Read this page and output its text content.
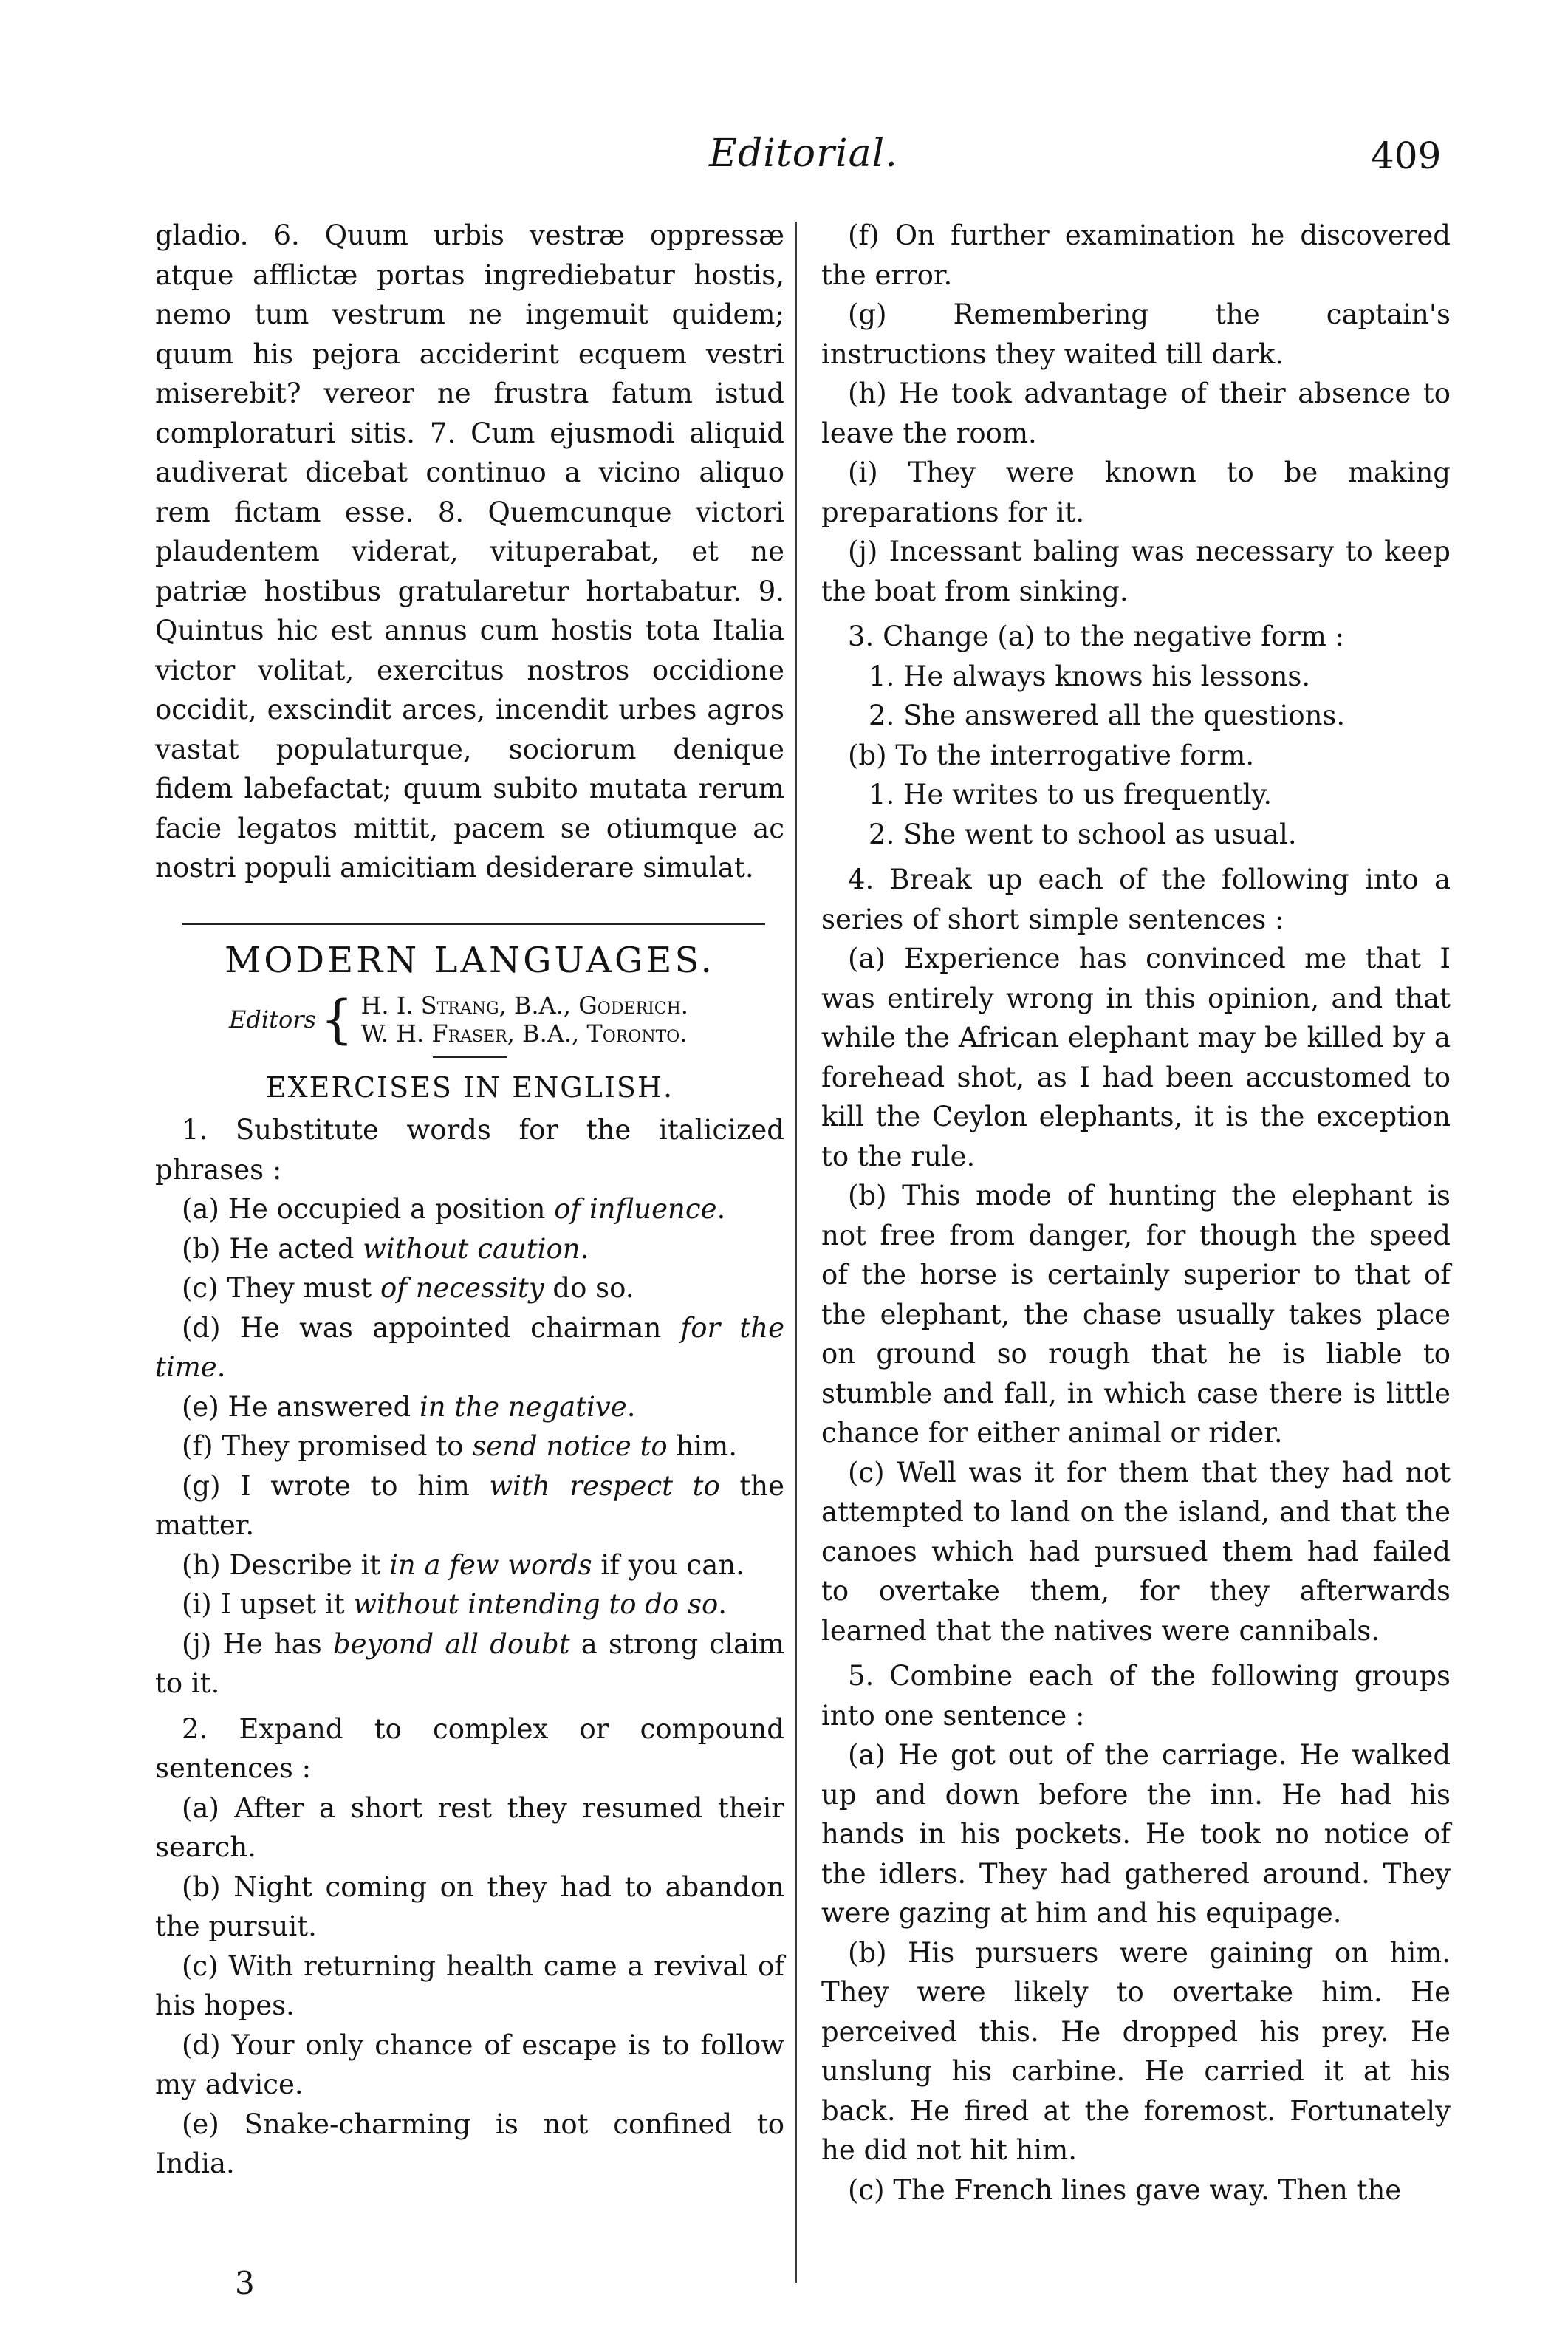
Editorial.	409

gladio. 6. Quum urbis vestræ oppressæ atque afflictæ portas ingrediebatur hostis, nemo tum vestrum ne ingemuit quidem; quum his pejora acciderint ecquem vestri miserebit? vereor ne frustra fatum istud comploraturi sitis. 7. Cum ejusmodi aliquid audiverat dicebat continuo a vicino aliquo rem fictam esse. 8. Quemcunque victori plaudentem viderat, vituperabat, et ne patriæ hostibus gratularetur hortabatur. 9. Quintus hic est annus cum hostis tota Italia victor volitat, exercitus nostros occidione occidit, exscindit arces, incendit urbes agros vastat populaturque, sociorum denique fidem labefactat; quum subito mutata rerum facie legatos mittit, pacem se otiumque ac nostri populi amicitiam desiderare simulat.

MODERN LANGUAGES.
Editors { H. I. Strang, B.A., Goderich.
W. H. Fraser, B.A., Toronto.
EXERCISES IN ENGLISH.

1. Substitute words for the italicized phrases :

(a) He occupied a position of influence.

(b) He acted without caution.

(c) They must of necessity do so.

(d) He was appointed chairman for the time.

(e) He answered in the negative.

(f) They promised to send notice to him.

(g) I wrote to him with respect to the matter.

(h) Describe it in a few words if you can.

(i) I upset it without intending to do so.

(j) He has beyond all doubt a strong claim to it.

2. Expand to complex or compound sentences :

(a) After a short rest they resumed their search.

(b) Night coming on they had to abandon the pursuit.

(c) With returning health came a revival of his hopes.

(d) Your only chance of escape is to follow my advice.

(e) Snake-charming is not confined to India.

(f) On further examination he discovered the error.

(g) Remembering the captain's instructions they waited till dark.

(h) He took advantage of their absence to leave the room.

(i) They were known to be making preparations for it.

(j) Incessant baling was necessary to keep the boat from sinking.

3. Change (a) to the negative form :

1. He always knows his lessons.

2. She answered all the questions.

(b) To the interrogative form.

1. He writes to us frequently.

2. She went to school as usual.

4. Break up each of the following into a series of short simple sentences :

(a) Experience has convinced me that I was entirely wrong in this opinion, and that while the African elephant may be killed by a forehead shot, as I had been accustomed to kill the Ceylon elephants, it is the exception to the rule.

(b) This mode of hunting the elephant is not free from danger, for though the speed of the horse is certainly superior to that of the elephant, the chase usually takes place on ground so rough that he is liable to stumble and fall, in which case there is little chance for either animal or rider.

(c) Well was it for them that they had not attempted to land on the island, and that the canoes which had pursued them had failed to overtake them, for they afterwards learned that the natives were cannibals.

5. Combine each of the following groups into one sentence :

(a) He got out of the carriage. He walked up and down before the inn. He had his hands in his pockets. He took no notice of the idlers. They had gathered around. They were gazing at him and his equipage.

(b) His pursuers were gaining on him. They were likely to overtake him. He perceived this. He dropped his prey. He unslung his carbine. He carried it at his back. He fired at the foremost. Fortunately he did not hit him.

(c) The French lines gave way. Then the

3
